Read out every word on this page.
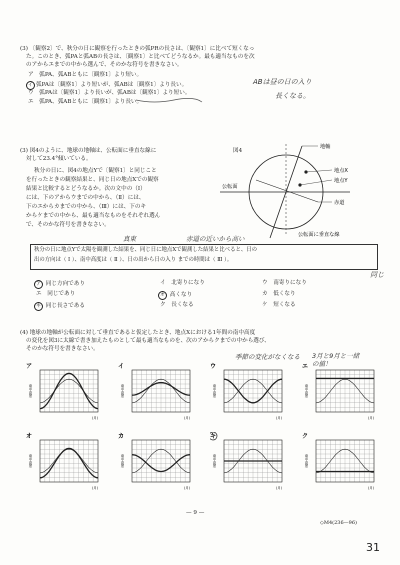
(3) 〔観察2〕で、秋分の日に観察を行ったときの弧PRの長さは、〔観察1〕に比べて短くなっ
た。このとき、弧PAと弧ABの長さは、〔観察1〕と比べてどうなるか。最も適当なものを次
のアからエまでの中から選んで、そのかな符号を書きなさい。
ア　 弧PA、弧ABともに〔観察1〕より短い。
イ 弧PAは〔観察1〕より短いが、弧ABは〔観察1〕より長い。
ウ　 弧PAは〔観察1〕より長いが、弧ABは〔観察1〕より短い。
エ　 弧PA、弧ABともに〔観察1〕より長い。
ABは昼の日の入り
長くなる。
(3) 図4のように、地球の地軸は、公転面に垂直な線に
対して23.4°傾いている。
図4
秋分の日に、図4の地点Yで〔観察1〕と同じこと
を行ったときの観察結果と、同じ日の地点Xでの観察
結果と比較するとどうなるか。次の文中の（Ⅰ）
には、下のアからウまでの中から、（Ⅱ）には、
下のエからカまでの中から、（Ⅲ）には、下のキ
からケまでの中から、最も適当なものをそれぞれ選ん
で、そのかな符号を書きなさい。
地軸
地点X
地点Y
赤道
公転面
公転面に垂直な線
真東	赤道の近いから高い
秋分の日に地点Yで太陽を観測した結果を、同じ日に地点Xで観測した結果と比べると、日の
出の方向は（ Ⅰ ）、南中高度は（ Ⅱ ）、日の出から日の入り までの時間は（ Ⅲ ）。
同じ
ア 同じ方向であり	イ　 北寄りになり	ウ　 南寄りになり
エ　 同じであり	オ 高くなり	カ　 低くなり
キ 同じ長さである	ク　 長くなる	ケ　 短くなる
(4) 地球の地軸が公転面に対して垂直であると仮定したとき、地点Xにおける1年間の南中高度
の変化を図3に太線で書き加えたものとして最も適当なものを、次のアからクまでの中から選び、
そのかな符号を書きなさい。
季節の変化がなくなる 3月と9月と一緒の値！
ア
南中高度
(月)
イ
南中高度
(月)
ウ
南中高度
(月)
エ
南中高度
(月)
オ
南中高度
(月)
カ
南中高度
(月)
キ
南中高度
(月)
ク
南中高度
(月)
— 9 —
◇M4(236—96)
31
